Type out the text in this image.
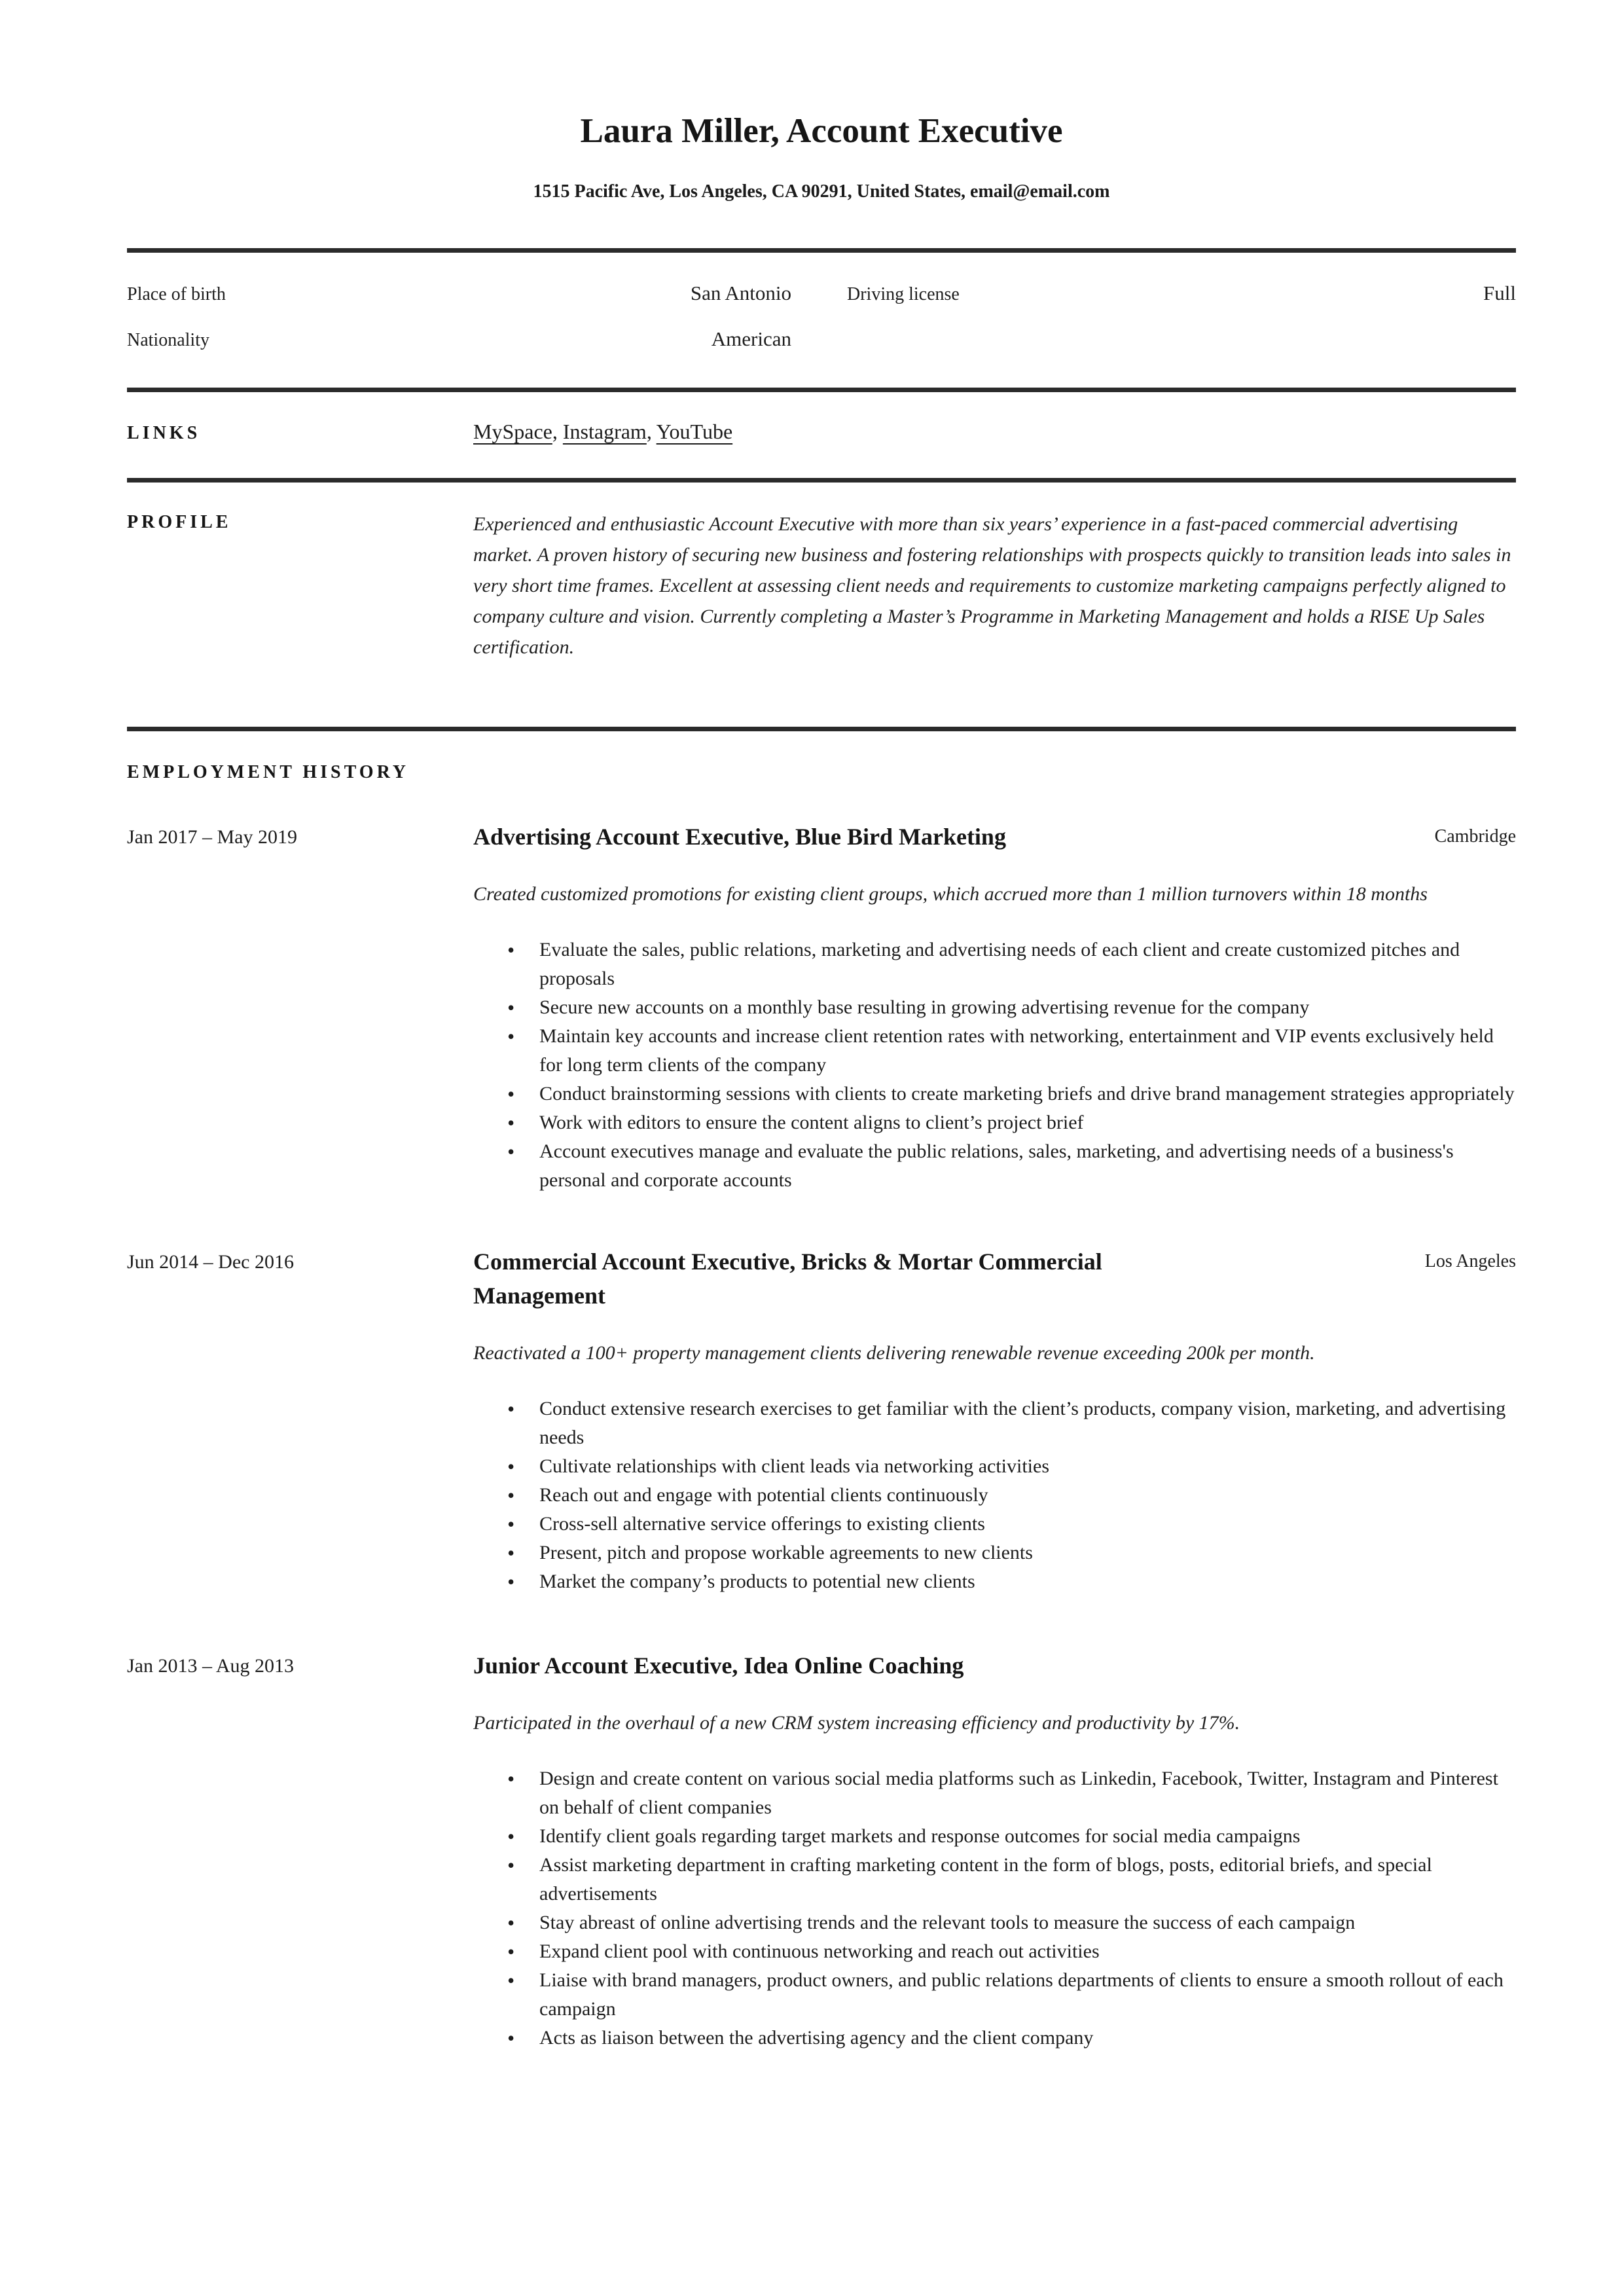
Laura Miller, Account Executive
1515 Pacific Ave, Los Angeles, CA 90291, United States, email@email.com
Place of birth	San Antonio	Driving license	Full
Nationality	American
LINKS	MySpace, Instagram, YouTube
PROFILE	Experienced and enthusiastic Account Executive with more than six years’ experience in a fast-paced commercial advertising market. A proven history of securing new business and fostering relationships with prospects quickly to transition leads into sales in very short time frames. Excellent at assessing client needs and requirements to customize marketing campaigns perfectly aligned to company culture and vision. Currently completing a Master’s Programme in Marketing Management and holds a RISE Up Sales certification.
EMPLOYMENT HISTORY
Jan 2017 – May 2019	Advertising Account Executive, Blue Bird Marketing	Cambridge
Created customized promotions for existing client groups, which accrued more than 1 million turnovers within 18 months
• Evaluate the sales, public relations, marketing and advertising needs of each client and create customized pitches and proposals
• Secure new accounts on a monthly base resulting in growing advertising revenue for the company
• Maintain key accounts and increase client retention rates with networking, entertainment and VIP events exclusively held for long term clients of the company
• Conduct brainstorming sessions with clients to create marketing briefs and drive brand management strategies appropriately
• Work with editors to ensure the content aligns to client’s project brief
• Account executives manage and evaluate the public relations, sales, marketing, and advertising needs of a business's personal and corporate accounts
Jun 2014 – Dec 2016	Commercial Account Executive, Bricks & Mortar Commercial Management
Los Angeles
Reactivated a 100+ property management clients delivering renewable revenue exceeding 200k per month.
• Conduct extensive research exercises to get familiar with the client’s products, company vision, marketing, and advertising needs
• Cultivate relationships with client leads via networking activities
• Reach out and engage with potential clients continuously
• Cross-sell alternative service offerings to existing clients
• Present, pitch and propose workable agreements to new clients
• Market the company’s products to potential new clients
Jan 2013 – Aug 2013	Junior Account Executive, Idea Online Coaching
Participated in the overhaul of a new CRM system increasing efficiency and productivity by 17%.
• Design and create content on various social media platforms such as Linkedin, Facebook, Twitter, Instagram and Pinterest on behalf of client companies
• Identify client goals regarding target markets and response outcomes for social media campaigns
• Assist marketing department in crafting marketing content in the form of blogs, posts, editorial briefs, and special advertisements
• Stay abreast of online advertising trends and the relevant tools to measure the success of each campaign
• Expand client pool with continuous networking and reach out activities
• Liaise with brand managers, product owners, and public relations departments of clients to ensure a smooth rollout of each campaign
• Acts as liaison between the advertising agency and the client company
